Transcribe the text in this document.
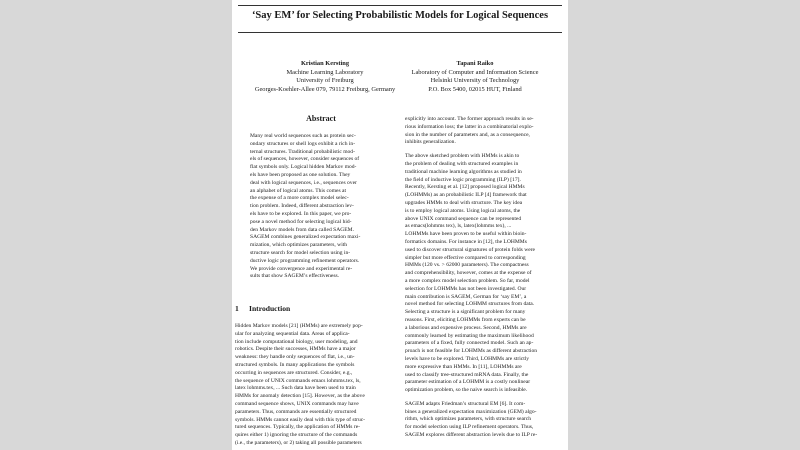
‘Say EM’ for Selecting Probabilistic Models for Logical Sequences
Kristian Kersting
Machine Learning Laboratory
University of Freiburg
Georges-Koehler-Allee 079, 79112 Freiburg, Germany
Tapani Raiko
Laboratory of Computer and Information Science
Helsinki University of Technology
P.O. Box 5400, 02015 HUT, Finland
Abstract
Many real world sequences such as protein sec-
ondary structures or shell logs exhibit a rich in-
ternal structures. Traditional probabilistic mod-
els of sequences, however, consider sequences of
flat symbols only. Logical hidden Markov mod-
els have been proposed as one solution. They
deal with logical sequences, i.e., sequences over
an alphabet of logical atoms. This comes at
the expense of a more complex model selec-
tion problem. Indeed, different abstraction lev-
els have to be explored. In this paper, we pro-
pose a novel method for selecting logical hid-
den Markov models from data called SAGEM.
SAGEM combines generalized expectation maxi-
mization, which optimizes parameters, with
structure search for model selection using in-
ductive logic programming refinement operators.
We provide convergence and experimental re-
sults that show SAGEM’s effectiveness.
1 Introduction
Hidden Markov models [21] (HMMs) are extremely pop-
ular for analyzing sequential data. Areas of applica-
tion include computational biology, user modeling, and
robotics. Despite their successes, HMMs have a major
weakness: they handle only sequences of flat, i.e., un-
structured symbols. In many applications the symbols
occurring in sequences are structured. Consider, e.g.,
the sequence of UNIX commands emacs lohmms.tex, ls,
latex lohmms.tex, ... Such data have been used to train
HMMs for anomaly detection [15]. However, as the above
command sequence shows, UNIX commands may have
parameters. Thus, commands are essentially structured
symbols. HMMs cannot easily deal with this type of struc-
tured sequences. Typically, the application of HMMs re-
quires either 1) ignoring the structure of the commands
(i.e., the parameters), or 2) taking all possible parameters
explicitly into account. The former approach results in se-
rious information loss; the latter in a combinatorial explo-
sion in the number of parameters and, as a consequence,
inhibits generalization.
The above sketched problem with HMMs is akin to
the problem of dealing with structured examples in
traditional machine learning algorithms as studied in
the field of inductive logic programming (ILP) [17].
Recently, Kersting et al. [12] proposed logical HMMs
(LOHMMs) as an probabilistic ILP [4] framework that
upgrades HMMs to deal with structure. The key idea
is to employ logical atoms. Using logical atoms, the
above UNIX command sequence can be represented
as emacs(lohmms tex), ls, latex(lohmms tex), ...
LOHMMs have been proven to be useful within bioin-
formatics domains. For instance in [12], the LOHMMs
used to discover structural signatures of protein folds were
simpler but more effective compared to corresponding
HMMs (120 vs. > 62000 parameters). The compactness
and comprehensibility, however, comes at the expense of
a more complex model selection problem. So far, model
selection for LOHMMs has not been investigated. Our
main contribution is SAGEM, German for ‘say EM’, a
novel method for selecting LOHMM structures from data.
Selecting a structure is a significant problem for many
reasons. First, eliciting LOHMMs from experts can be
a laborious and expensive process. Second, HMMs are
commonly learned by estimating the maximum likelihood
parameters of a fixed, fully connected model. Such an ap-
proach is not feasible for LOHMMs as different abstraction
levels have to be explored. Third, LOHMMs are strictly
more expressive than HMMs. In [11], LOHMMs are
used to classify tree-structured mRNA data. Finally, the
parameter estimation of a LOHMM is a costly nonlinear
optimization problem, so the naive search is infeasible.
SAGEM adapts Friedman’s structural EM [6]. It com-
bines a generalized expectation maximization (GEM) algo-
rithm, which optimizes parameters, with structure search
for model selection using ILP refinement operators. Thus,
SAGEM explores different abstraction levels due to ILP re-
